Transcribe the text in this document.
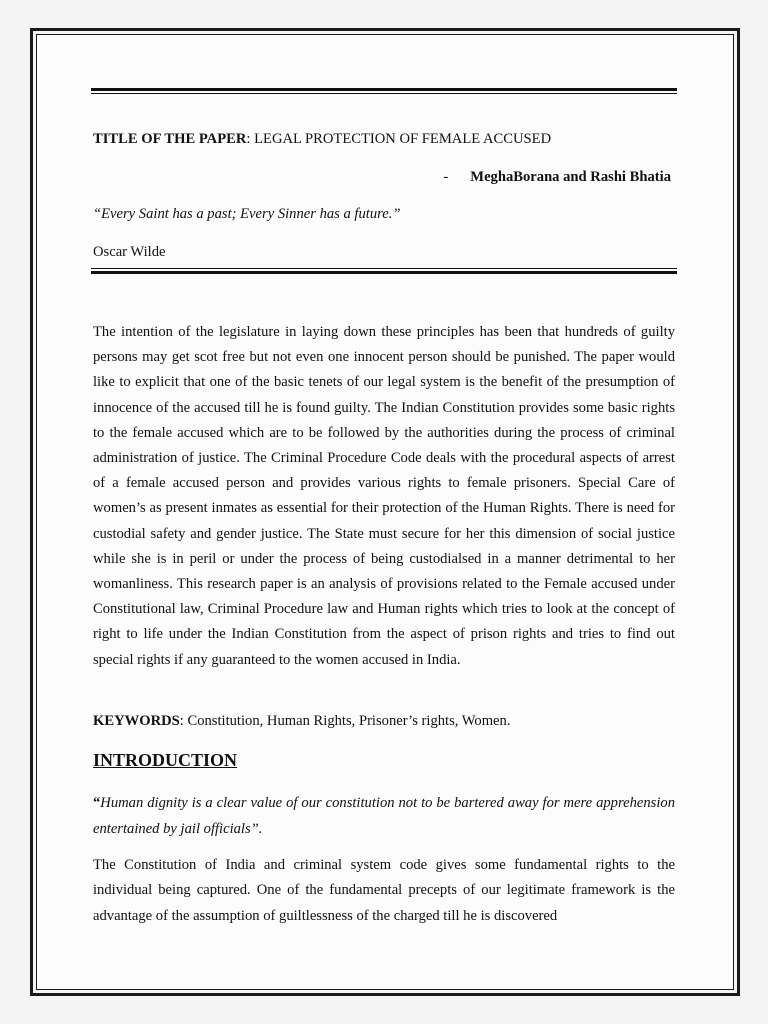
TITLE OF THE PAPER: LEGAL PROTECTION OF FEMALE ACCUSED
- MeghaBorana and Rashi Bhatia
“Every Saint has a past; Every Sinner has a future.”
Oscar Wilde

The intention of the legislature in laying down these principles has been that hundreds of guilty persons may get scot free but not even one innocent person should be punished. The paper would like to explicit that one of the basic tenets of our legal system is the benefit of the presumption of innocence of the accused till he is found guilty. The Indian Constitution provides some basic rights to the female accused which are to be followed by the authorities during the process of criminal administration of justice. The Criminal Procedure Code deals with the procedural aspects of arrest of a female accused person and provides various rights to female prisoners. Special Care of women’s as present inmates as essential for their protection of the Human Rights. There is need for custodial safety and gender justice. The State must secure for her this dimension of social justice while she is in peril or under the process of being custodialsed in a manner detrimental to her womanliness. This research paper is an analysis of provisions related to the Female accused under Constitutional law, Criminal Procedure law and Human rights which tries to look at the concept of right to life under the Indian Constitution from the aspect of prison rights and tries to find out special rights if any guaranteed to the women accused in India.

KEYWORDS: Constitution, Human Rights, Prisoner’s rights, Women.
INTRODUCTION

“Human dignity is a clear value of our constitution not to be bartered away for mere apprehension entertained by jail officials”.

The Constitution of India and criminal system code gives some fundamental rights to the individual being captured. One of the fundamental precepts of our legitimate framework is the advantage of the assumption of guiltlessness of the charged till he is discovered
